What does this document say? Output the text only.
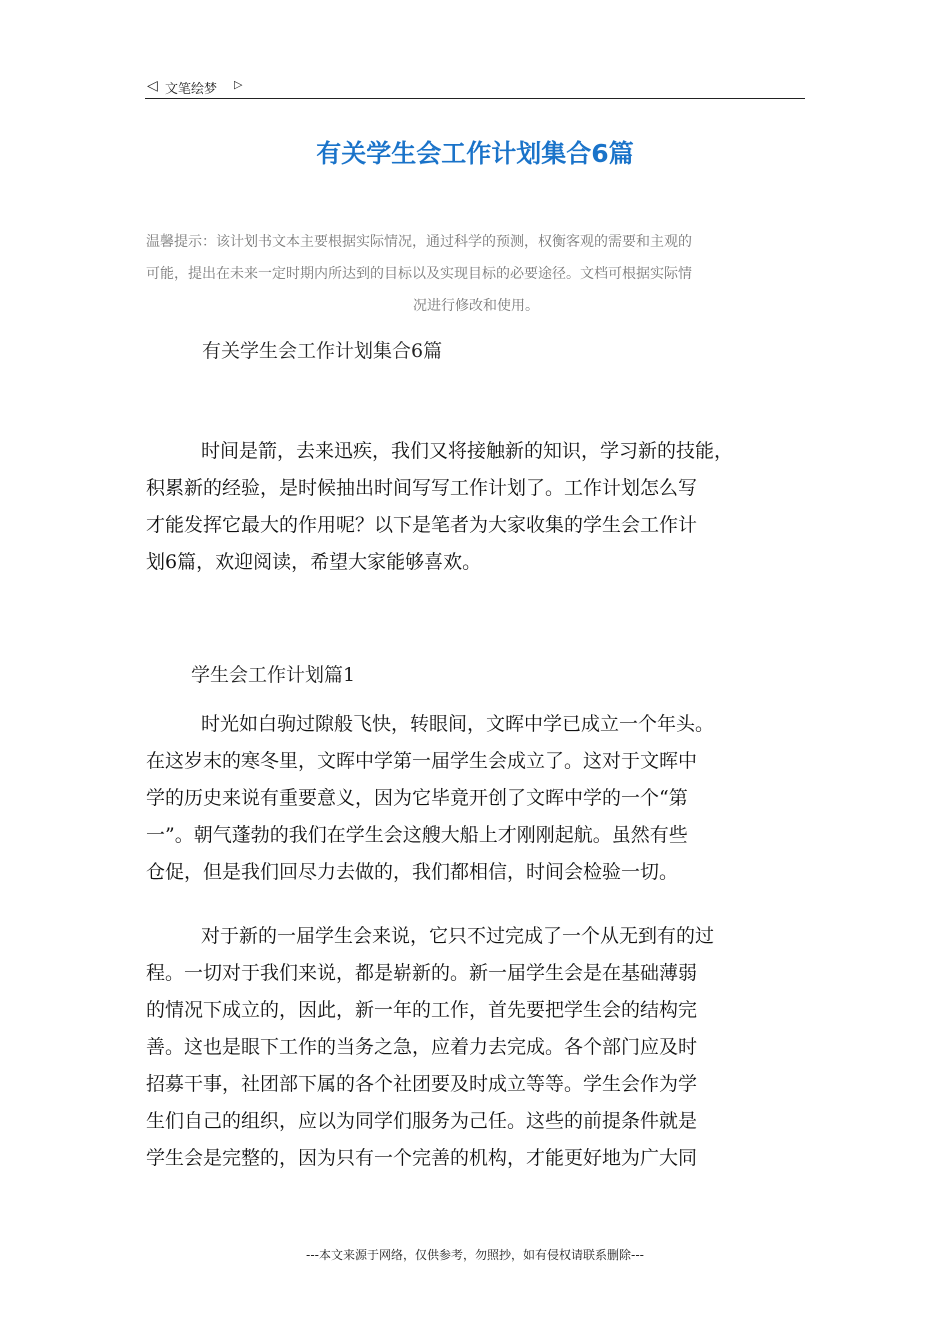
◁ 文笔绘梦 ▷
有关学生会工作计划集合6篇
温馨提示：该计划书文本主要根据实际情况，通过科学的预测，权衡客观的需要和主观的
可能，提出在未来一定时期内所达到的目标以及实现目标的必要途径。文档可根据实际情
况进行修改和使用。
有关学生会工作计划集合6篇
时间是箭，去来迅疾，我们又将接触新的知识，学习新的技能，
积累新的经验，是时候抽出时间写写工作计划了。工作计划怎么写
才能发挥它最大的作用呢？以下是笔者为大家收集的学生会工作计
划6篇，欢迎阅读，希望大家能够喜欢。
学生会工作计划篇1
时光如白驹过隙般飞快，转眼间，文晖中学已成立一个年头。
在这岁末的寒冬里，文晖中学第一届学生会成立了。这对于文晖中
学的历史来说有重要意义，因为它毕竟开创了文晖中学的一个“第
一”。朝气蓬勃的我们在学生会这艘大船上才刚刚起航。虽然有些
仓促，但是我们回尽力去做的，我们都相信，时间会检验一切。
对于新的一届学生会来说，它只不过完成了一个从无到有的过
程。一切对于我们来说，都是崭新的。新一届学生会是在基础薄弱
的情况下成立的，因此，新一年的工作，首先要把学生会的结构完
善。这也是眼下工作的当务之急，应着力去完成。各个部门应及时
招募干事，社团部下属的各个社团要及时成立等等。学生会作为学
生们自己的组织，应以为同学们服务为己任。这些的前提条件就是
学生会是完整的，因为只有一个完善的机构，才能更好地为广大同
---本文来源于网络，仅供参考，勿照抄，如有侵权请联系删除---
